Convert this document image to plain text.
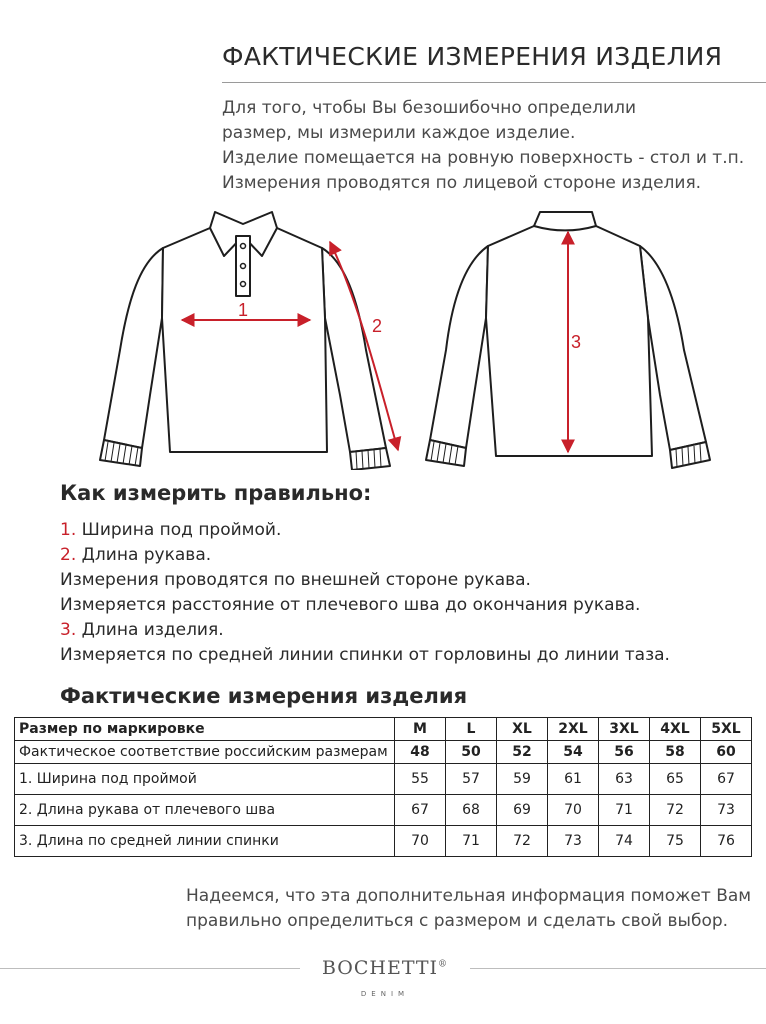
ФАКТИЧЕСКИЕ ИЗМЕРЕНИЯ ИЗДЕЛИЯ
Для того, чтобы Вы безошибочно определили
размер, мы измерили каждое изделие.
Изделие помещается на ровную поверхность - стол и т.п.
Измерения проводятся по лицевой стороне изделия.
1
2
3
Как измерить правильно:
1. Ширина под проймой.
2. Длина рукава.
Измерения проводятся по внешней стороне рукава.
Измеряется расстояние от плечевого шва до окончания рукава.
3. Длина изделия.
Измеряется по средней линии спинки от горловины до линии таза.
Фактические измерения изделия
Размер по маркировке	M	L	XL	2XL	3XL	4XL	5XL
Фактическое соответствие российским размерам	48	50	52	54	56	58	60
1. Ширина под проймой	55	57	59	61	63	65	67
2. Длина рукава от плечевого шва	67	68	69	70	71	72	73
3. Длина по средней линии спинки	70	71	72	73	74	75	76
Надеемся, что эта дополнительная информация поможет Вам
правильно определиться с размером и сделать свой выбор.
BOCHETTI®
DENIM
